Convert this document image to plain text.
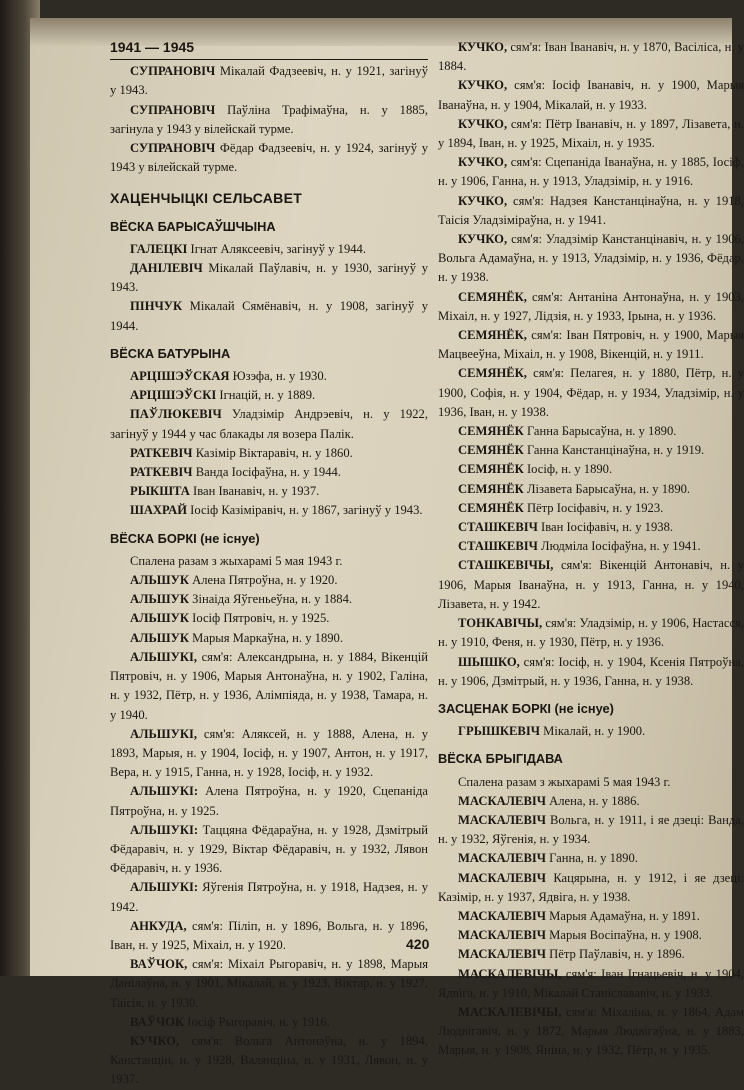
1941 — 1945

СУПРАНОВІЧ Мікалай Фадзеевіч, н. у 1921, загінуў у 1943.

СУПРАНОВІЧ Паўліна Трафімаўна, н. у 1885, загінула у 1943 у вілейскай турме.

СУПРАНОВІЧ Фёдар Фадзеевіч, н. у 1924, загінуў у 1943 у вілейскай турме.

ХАЦЕНЧЫЦКІ СЕЛЬСАВЕТ
ВЁСКА БАРЫСАЎШЧЫНА

ГАЛЕЦКІ Ігнат Аляксеевіч, загінуў у 1944.

ДАНІЛЕВІЧ Мікалай Паўлавіч, н. у 1930, загінуў у 1943.

ПІНЧУК Мікалай Сямёнавіч, н. у 1908, загінуў у 1944.

ВЁСКА БАТУРЫНА

АРЦІШЭЎСКАЯ Юзэфа, н. у 1930.

АРЦІШЭЎСКІ Ігнацій, н. у 1889.

ПАЎЛЮКЕВІЧ Уладзімір Андрэевіч, н. у 1922, загінуў у 1944 у час блакады ля возера Палік.

РАТКЕВІЧ Казімір Віктаравіч, н. у 1860.

РАТКЕВІЧ Ванда Іосіфаўна, н. у 1944.

РЫКШТА Іван Іванавіч, н. у 1937.

ШАХРАЙ Іосіф Казіміравіч, н. у 1867, загінуў у 1943.

ВЁСКА БОРКІ (не існуе)

Спалена разам з жыхарамі 5 мая 1943 г.

АЛЬШУК Алена Пятроўна, н. у 1920.

АЛЬШУК Зінаіда Яўгеньеўна, н. у 1884.

АЛЬШУК Іосіф Пятровіч, н. у 1925.

АЛЬШУК Марыя Маркаўна, н. у 1890.

АЛЬШУКІ, сям'я: Александрына, н. у 1884, Вікенцій Пятровіч, н. у 1906, Марыя Антонаўна, н. у 1902, Галіна, н. у 1932, Пётр, н. у 1936, Алімпіяда, н. у 1938, Тамара, н. у 1940.

АЛЬШУКІ, сям'я: Аляксей, н. у 1888, Алена, н. у 1893, Марыя, н. у 1904, Іосіф, н. у 1907, Антон, н. у 1917, Вера, н. у 1915, Ганна, н. у 1928, Іосіф, н. у 1932.

АЛЬШУКІ: Алена Пятроўна, н. у 1920, Сцепаніда Пятроўна, н. у 1925.

АЛЬШУКІ: Таццяна Фёдараўна, н. у 1928, Дзмітрый Фёдаравіч, н. у 1929, Віктар Фёдаравіч, н. у 1932, Лявон Фёдаравіч, н. у 1936.

АЛЬШУКІ: Яўгенія Пятроўна, н. у 1918, Надзея, н. у 1942.

АНКУДА, сям'я: Піліп, н. у 1896, Вольга, н. у 1896, Іван, н. у 1925, Міхаіл, н. у 1920.

ВАЎЧОК, сям'я: Міхаіл Рыгоравіч, н. у 1898, Марыя Данілаўна, н. у 1901, Мікалай, н. у 1923, Віктар, н. у 1927, Таісія, н. у 1930.

ВАЎЧОК Іосіф Рыгоравіч, н. у 1916.

КУЧКО, сям'я: Вольга Антонаўна, н. у 1894, Канстанцін, н. у 1928, Валянціна, н. у 1931, Лявон, н. у 1937.

КУЧКО, сям'я: Іван Іванавіч, н. у 1870, Васіліса, н. у 1884.

КУЧКО, сям'я: Іосіф Іванавіч, н. у 1900, Марыя Іванаўна, н. у 1904, Мікалай, н. у 1933.

КУЧКО, сям'я: Пётр Іванавіч, н. у 1897, Лізавета, н. у 1894, Іван, н. у 1925, Міхаіл, н. у 1935.

КУЧКО, сям'я: Сцепаніда Іванаўна, н. у 1885, Іосіф, н. у 1906, Ганна, н. у 1913, Уладзімір, н. у 1916.

КУЧКО, сям'я: Надзея Канстанцінаўна, н. у 1918, Таісія Уладзіміраўна, н. у 1941.

КУЧКО, сям'я: Уладзімір Канстанцінавіч, н. у 1906, Вольга Адамаўна, н. у 1913, Уладзімір, н. у 1936, Фёдар, н. у 1938.

СЕМЯНЁК, сям'я: Антаніна Антонаўна, н. у 1903, Міхаіл, н. у 1927, Лідзія, н. у 1933, Ірына, н. у 1936.

СЕМЯНЁК, сям'я: Іван Пятровіч, н. у 1900, Марыя Мацвееўна, Міхаіл, н. у 1908, Вікенцій, н. у 1911.

СЕМЯНЁК, сям'я: Пелагея, н. у 1880, Пётр, н. у 1900, Софія, н. у 1904, Фёдар, н. у 1934, Уладзімір, н. у 1936, Іван, н. у 1938.

СЕМЯНЁК Ганна Барысаўна, н. у 1890.

СЕМЯНЁК Ганна Канстанцінаўна, н. у 1919.

СЕМЯНЁК Іосіф, н. у 1890.

СЕМЯНЁК Лізавета Барысаўна, н. у 1890.

СЕМЯНЁК Пётр Іосіфавіч, н. у 1923.

СТАШКЕВІЧ Іван Іосіфавіч, н. у 1938.

СТАШКЕВІЧ Людміла Іосіфаўна, н. у 1941.

СТАШКЕВІЧЫ, сям'я: Вікенцій Антонавіч, н. у 1906, Марыя Іванаўна, н. у 1913, Ганна, н. у 1940, Лізавета, н. у 1942.

ТОНКАВІЧЫ, сям'я: Уладзімір, н. у 1906, Настасся, н. у 1910, Феня, н. у 1930, Пётр, н. у 1936.

ШЫШКО, сям'я: Іосіф, н. у 1904, Ксенія Пятроўна, н. у 1906, Дзмітрый, н. у 1936, Ганна, н. у 1938.

ЗАСЦЕНАК БОРКІ (не існуе)

ГРЫШКЕВІЧ Мікалай, н. у 1900.

ВЁСКА БРЫГІДАВА

Спалена разам з жыхарамі 5 мая 1943 г.

МАСКАЛЕВІЧ Алена, н. у 1886.

МАСКАЛЕВІЧ Вольга, н. у 1911, і яе дзеці: Ванда, н. у 1932, Яўгенія, н. у 1934.

МАСКАЛЕВІЧ Ганна, н. у 1890.

МАСКАЛЕВІЧ Кацярына, н. у 1912, і яе дзеці: Казімір, н. у 1937, Ядвіга, н. у 1938.

МАСКАЛЕВІЧ Марыя Адамаўна, н. у 1891.

МАСКАЛЕВІЧ Марыя Восіпаўна, н. у 1908.

МАСКАЛЕВІЧ Пётр Паўлавіч, н. у 1896.

МАСКАЛЕВІЧЫ, сям'я: Іван Ігнацьевіч, н. у 1904, Ядвіга, н. у 1910, Мікалай Станіслававіч, н. у 1933.

МАСКАЛЕВІЧЫ, сям'я: Міхаліна, н. у 1864, Адам Людвігавіч, н. у 1872, Марыя Людвігаўна, н. у 1883, Марыя, н. у 1908, Яніна, н. у 1932, Пётр, н. у 1935.

420
